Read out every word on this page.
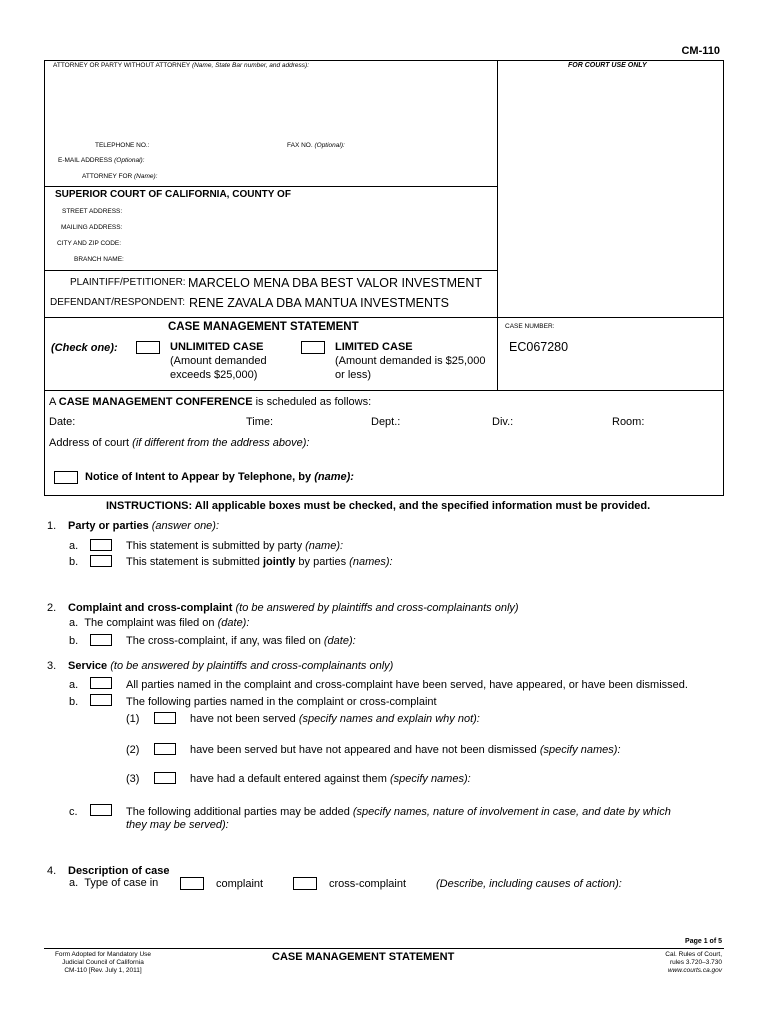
CM-110
ATTORNEY OR PARTY WITHOUT ATTORNEY (Name, State Bar number, and address):	FOR COURT USE ONLY
TELEPHONE NO.:	FAX NO. (Optional):
E-MAIL ADDRESS (Optional):
ATTORNEY FOR (Name):
SUPERIOR COURT OF CALIFORNIA, COUNTY OF
STREET ADDRESS:
MAILING ADDRESS:
CITY AND ZIP CODE:
BRANCH NAME:
PLAINTIFF/PETITIONER: MARCELO MENA DBA BEST VALOR INVESTMENT
DEFENDANT/RESPONDENT: RENE ZAVALA DBA MANTUA INVESTMENTS
CASE MANAGEMENT STATEMENT
(Check one):	UNLIMITED CASE
(Amount demanded
exceeds $25,000)
LIMITED CASE
(Amount demanded is $25,000
or less)
CASE NUMBER:
EC067280
A CASE MANAGEMENT CONFERENCE is scheduled as follows:
Date:	Time:	Dept.:	Div.:	Room:
Address of court (if different from the address above):
Notice of Intent to Appear by Telephone, by (name):
INSTRUCTIONS: All applicable boxes must be checked, and the specified information must be provided.
1. Party or parties (answer one):
a.	This statement is submitted by party (name):
b.	This statement is submitted jointly by parties (names):
2. Complaint and cross-complaint (to be answered by plaintiffs and cross-complainants only)
a. The complaint was filed on (date):
b.	The cross-complaint, if any, was filed on (date):
3. Service (to be answered by plaintiffs and cross-complainants only)
a.	All parties named in the complaint and cross-complaint have been served, have appeared, or have been dismissed.
b.	The following parties named in the complaint or cross-complaint
(1)	have not been served (specify names and explain why not):
(2)	have been served but have not appeared and have not been dismissed (specify names):
(3)	have had a default entered against them (specify names):
c.	The following additional parties may be added (specify names, nature of involvement in case, and date by which
they may be served):
4. Description of case
a. Type of case in	complaint	cross-complaint	(Describe, including causes of action):
Page 1 of 5
Form Adopted for Mandatory Use
Judicial Council of California
CM-110 [Rev. July 1, 2011]
CASE MANAGEMENT STATEMENT	Cal. Rules of Court,
rules 3.720–3.730
www.courts.ca.gov
